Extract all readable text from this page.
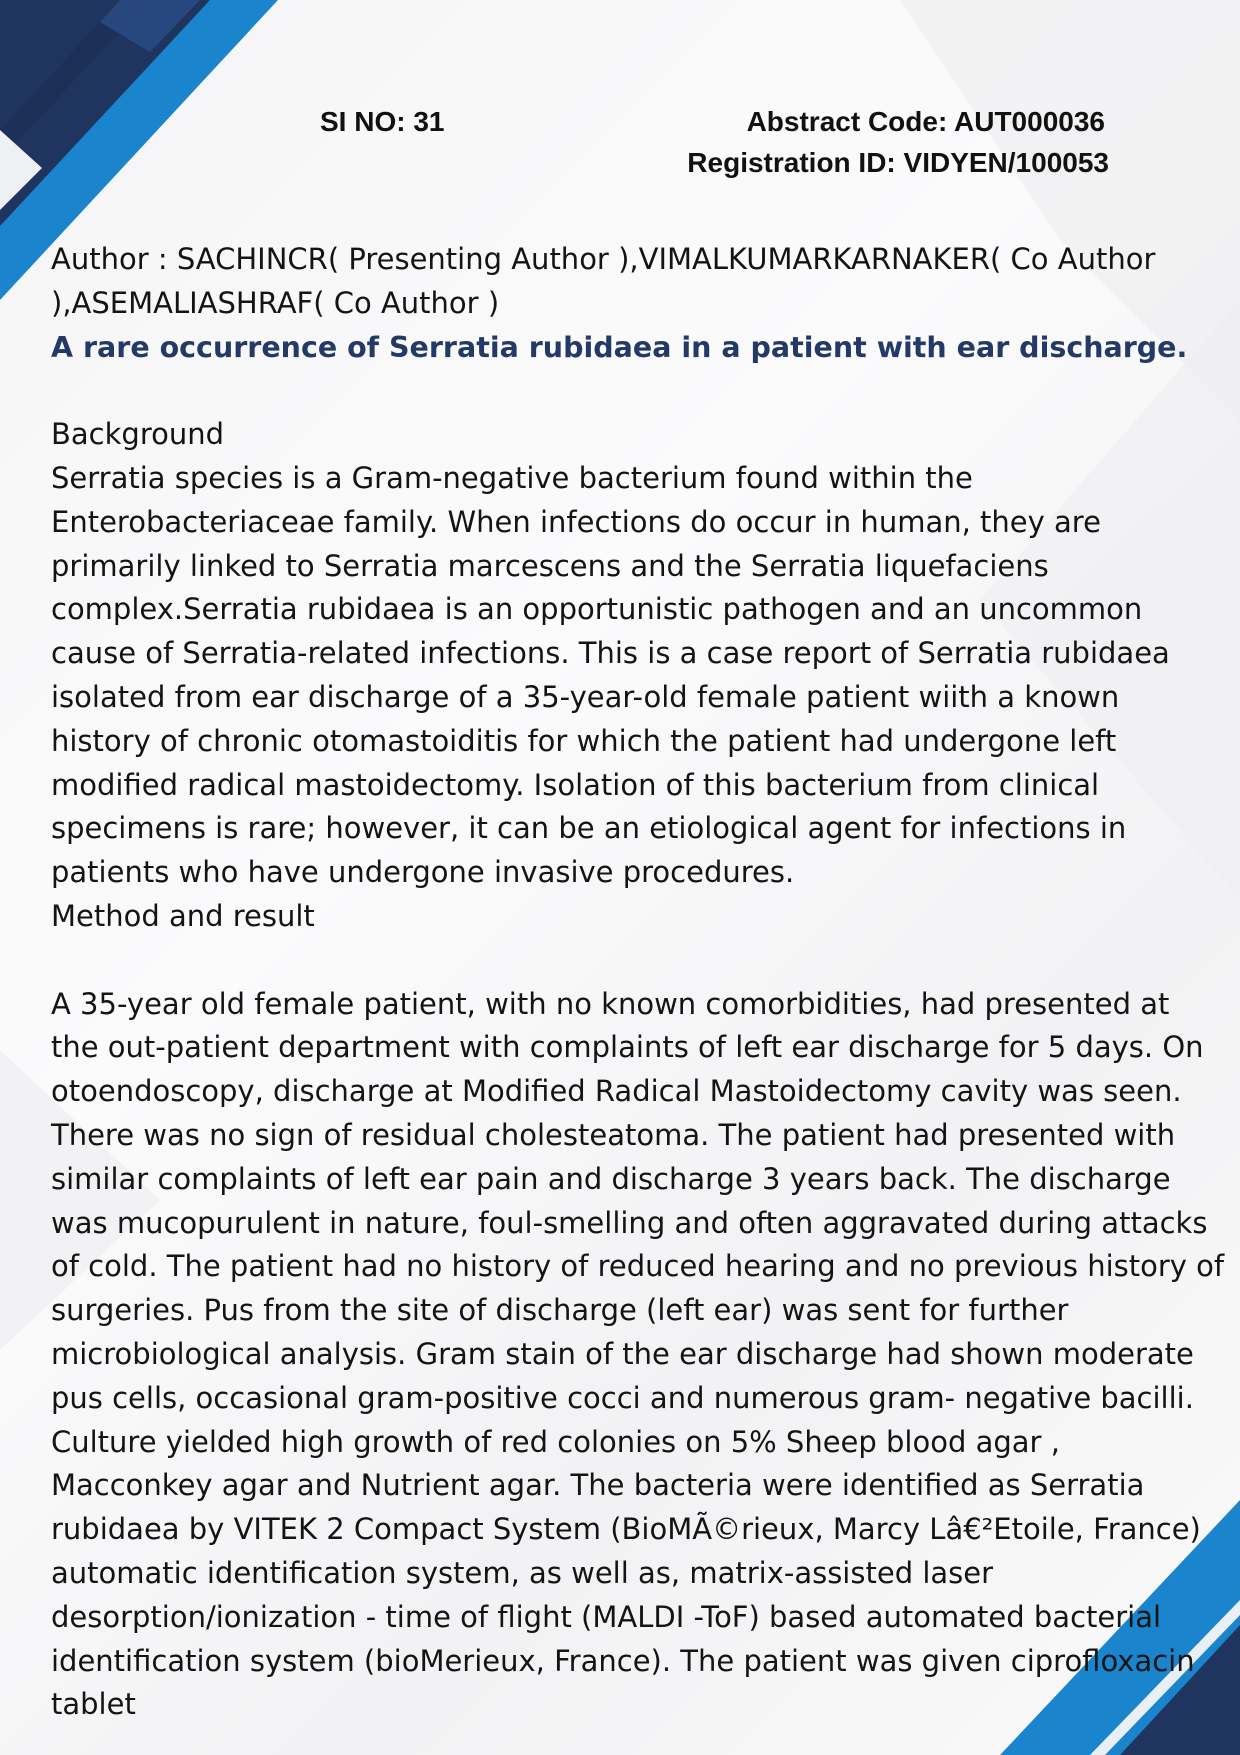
SI NO: 31	Abstract Code: AUT000036
Registration ID: VIDYEN/100053

Author : SACHINCR( Presenting Author ),VIMALKUMARKARNAKER( Co Author ),ASEMALIASHRAF( Co Author )

A rare occurrence of Serratia rubidaea in a patient with ear discharge.

Background

Serratia species is a Gram-negative bacterium found within the Enterobacteriaceae family. When infections do occur in human, they are primarily linked to Serratia marcescens and the Serratia liquefaciens complex.Serratia rubidaea is an opportunistic pathogen and an uncommon cause of Serratia-related infections. This is a case report of Serratia rubidaea isolated from ear discharge of a 35-year-old female patient wiith a known history of chronic otomastoiditis for which the patient had undergone left modified radical mastoidectomy. Isolation of this bacterium from clinical specimens is rare; however, it can be an etiological agent for infections in patients who have undergone invasive procedures.

Method and result

A 35-year old female patient, with no known comorbidities, had presented at the out-patient department with complaints of left ear discharge for 5 days. On otoendoscopy, discharge at Modified Radical Mastoidectomy cavity was seen. There was no sign of residual cholesteatoma. The patient had presented with similar complaints of left ear pain and discharge 3 years back. The discharge was mucopurulent in nature, foul-smelling and often aggravated during attacks of cold. The patient had no history of reduced hearing and no previous history of surgeries. Pus from the site of discharge (left ear) was sent for further microbiological analysis. Gram stain of the ear discharge had shown moderate pus cells, occasional gram-positive cocci and numerous gram- negative bacilli. Culture yielded high growth of red colonies on 5% Sheep blood agar , Macconkey agar and Nutrient agar. The bacteria were identified as Serratia rubidaea by VITEK 2 Compact System (BioMÃ©rieux, Marcy Lâ€²Etoile, France) automatic identification system, as well as, matrix-assisted laser desorption/ionization - time of flight (MALDI -ToF) based automated bacterial identification system (bioMerieux, France). The patient was given ciprofloxacin tablet
